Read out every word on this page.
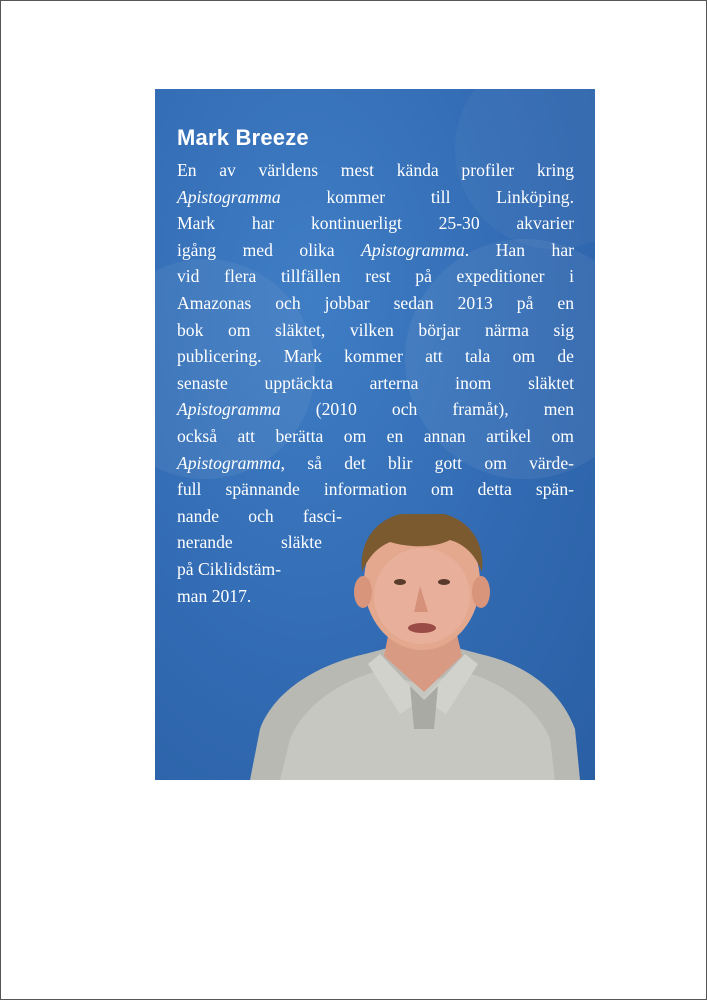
Mark Breeze
En av världens mest kända profiler kring
Apistogramma kommer till Linköping.
Mark har kontinuerligt 25-30 akvarier
igång med olika Apistogramma. Han har
vid flera tillfällen rest på expeditioner i
Amazonas och jobbar sedan 2013 på en
bok om släktet, vilken börjar närma sig
publicering. Mark kommer att tala om de
senaste upptäckta arterna inom släktet
Apistogramma (2010 och framåt), men
också att berätta om en annan artikel om
Apistogramma, så det blir gott om värde-
full spännande information om detta spän-
nande och fasci-
nerande släkte
på Ciklidstäm-
man 2017.
